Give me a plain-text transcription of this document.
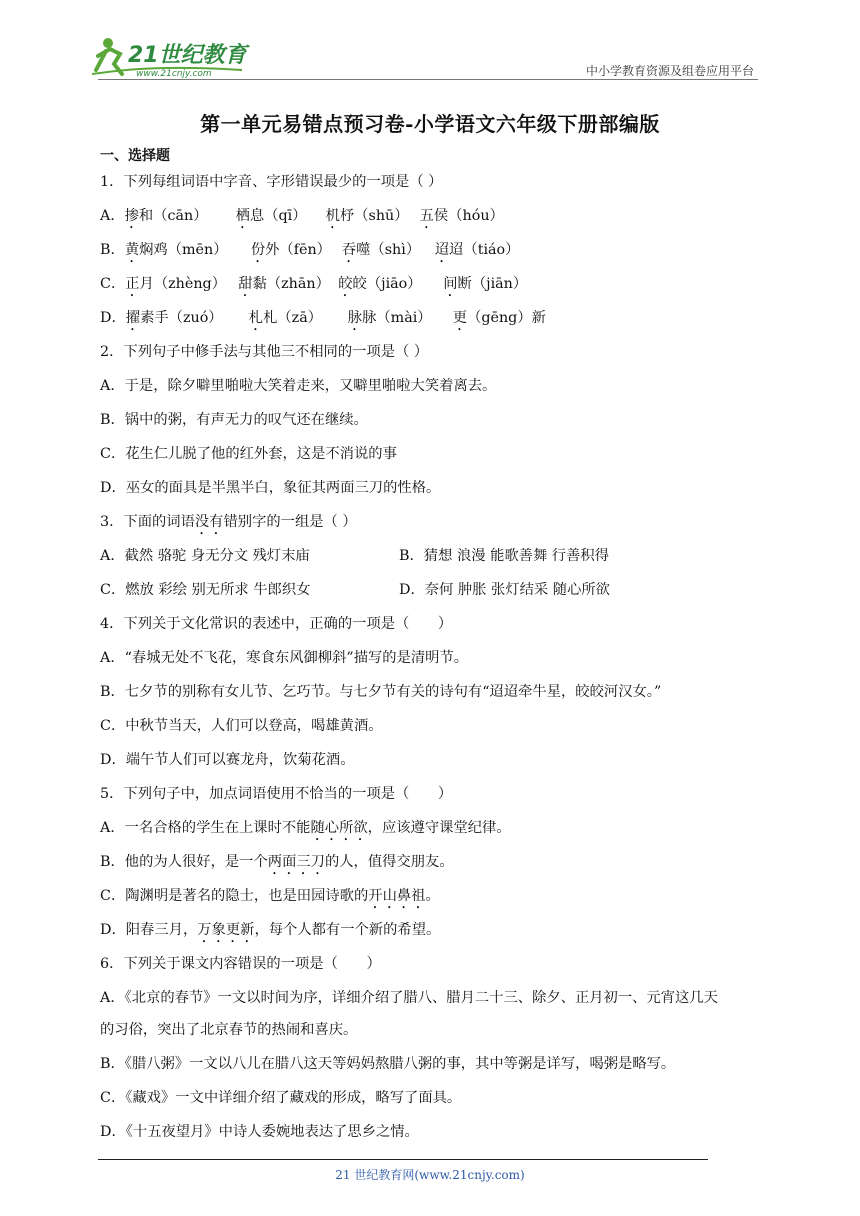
21世纪教育
www.21cnjy.com	中小学教育资源及组卷应用平台
第一单元易错点预习卷-小学语文六年级下册部编版
一、选择题
1．下列每组词语中字音、字形错误最少的一项是（ ）
A．掺和（cān） 栖息（qī） 机杼（shū） 五侯（hóu）
B．黄焖鸡（mēn） 份外（fēn） 吞噬（shì） 迢迢（tiáo）
C．正月（zhèng） 甜黏（zhān） 皎皎（jiāo） 间断（jiān）
D．擢素手（zuó） 札札（zā） 脉脉（mài） 更（gēng）新
2．下列句子中修手法与其他三不相同的一项是（ ）
A．于是，除夕噼里啪啦大笑着走来，又噼里啪啦大笑着离去。
B．锅中的粥，有声无力的叹气还在继续。
C．花生仁儿脱了他的红外套，这是不消说的事
D．巫女的面具是半黑半白，象征其两面三刀的性格。
3．下面的词语没有错别字的一组是（ ）
A．截然 骆驼 身无分文 残灯末庙	B．猜想 浪漫 能歌善舞 行善积得
C．燃放 彩绘 别无所求 牛郎织女	D．奈何 肿胀 张灯结采 随心所欲
4．下列关于文化常识的表述中，正确的一项是（　　）
A．“春城无处不飞花，寒食东风御柳斜”描写的是清明节。
B．七夕节的别称有女儿节、乞巧节。与七夕节有关的诗句有“迢迢牵牛星，皎皎河汉女。”
C．中秋节当天，人们可以登高，喝雄黄酒。
D．端午节人们可以赛龙舟，饮菊花酒。
5．下列句子中，加点词语使用不恰当的一项是（　　）
A．一名合格的学生在上课时不能随心所欲，应该遵守课堂纪律。
B．他的为人很好，是一个两面三刀的人，值得交朋友。
C．陶渊明是著名的隐士，也是田园诗歌的开山鼻祖。
D．阳春三月，万象更新，每个人都有一个新的希望。
6．下列关于课文内容错误的一项是（　　）
A．《北京的春节》一文以时间为序，详细介绍了腊八、腊月二十三、除夕、正月初一、元宵这几天
的习俗，突出了北京春节的热闹和喜庆。
B．《腊八粥》一文以八儿在腊八这天等妈妈熬腊八粥的事，其中等粥是详写，喝粥是略写。
C．《藏戏》一文中详细介绍了藏戏的形成，略写了面具。
D．《十五夜望月》中诗人委婉地表达了思乡之情。
21 世纪教育网(www.21cnjy.com)
